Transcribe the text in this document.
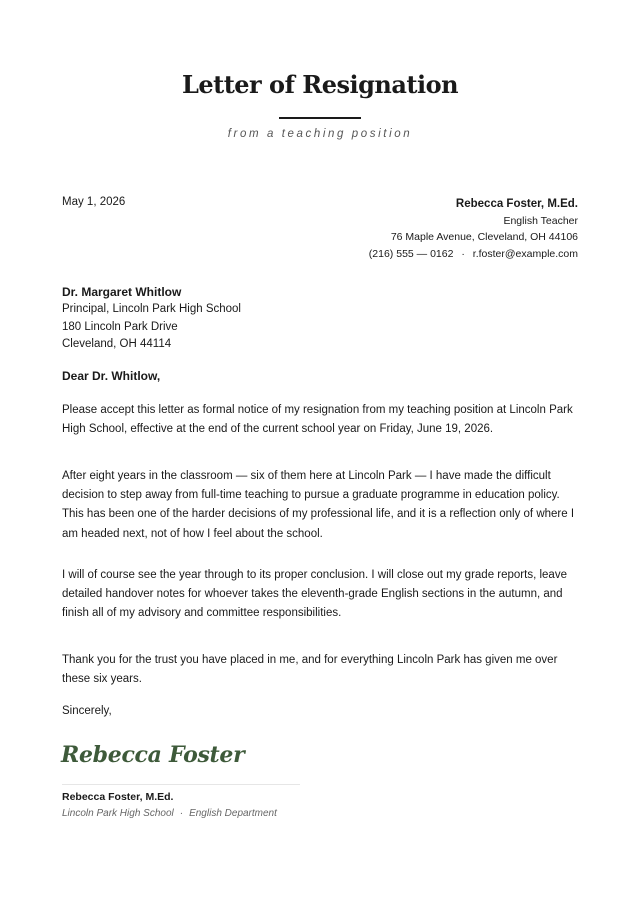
Letter of Resignation
from a teaching position
May 1, 2026	Rebecca Foster, M.Ed.
English Teacher
76 Maple Avenue, Cleveland, OH 44106
(216) 555 — 0162 · r.foster@example.com
Dr. Margaret Whitlow
Principal, Lincoln Park High School
180 Lincoln Park Drive
Cleveland, OH 44114
Dear Dr. Whitlow,

Please accept this letter as formal notice of my resignation from my teaching position at Lincoln Park High School, effective at the end of the current school year on Friday, June 19, 2026.

After eight years in the classroom — six of them here at Lincoln Park — I have made the difficult decision to step away from full-time teaching to pursue a graduate programme in education policy. This has been one of the harder decisions of my professional life, and it is a reflection only of where I am headed next, not of how I feel about the school.

I will of course see the year through to its proper conclusion. I will close out my grade reports, leave detailed handover notes for whoever takes the eleventh-grade English sections in the autumn, and finish all of my advisory and committee responsibilities.

Thank you for the trust you have placed in me, and for everything Lincoln Park has given me over these six years.

Sincerely,
Rebecca Foster
Rebecca Foster, M.Ed.
Lincoln Park High School · English Department
